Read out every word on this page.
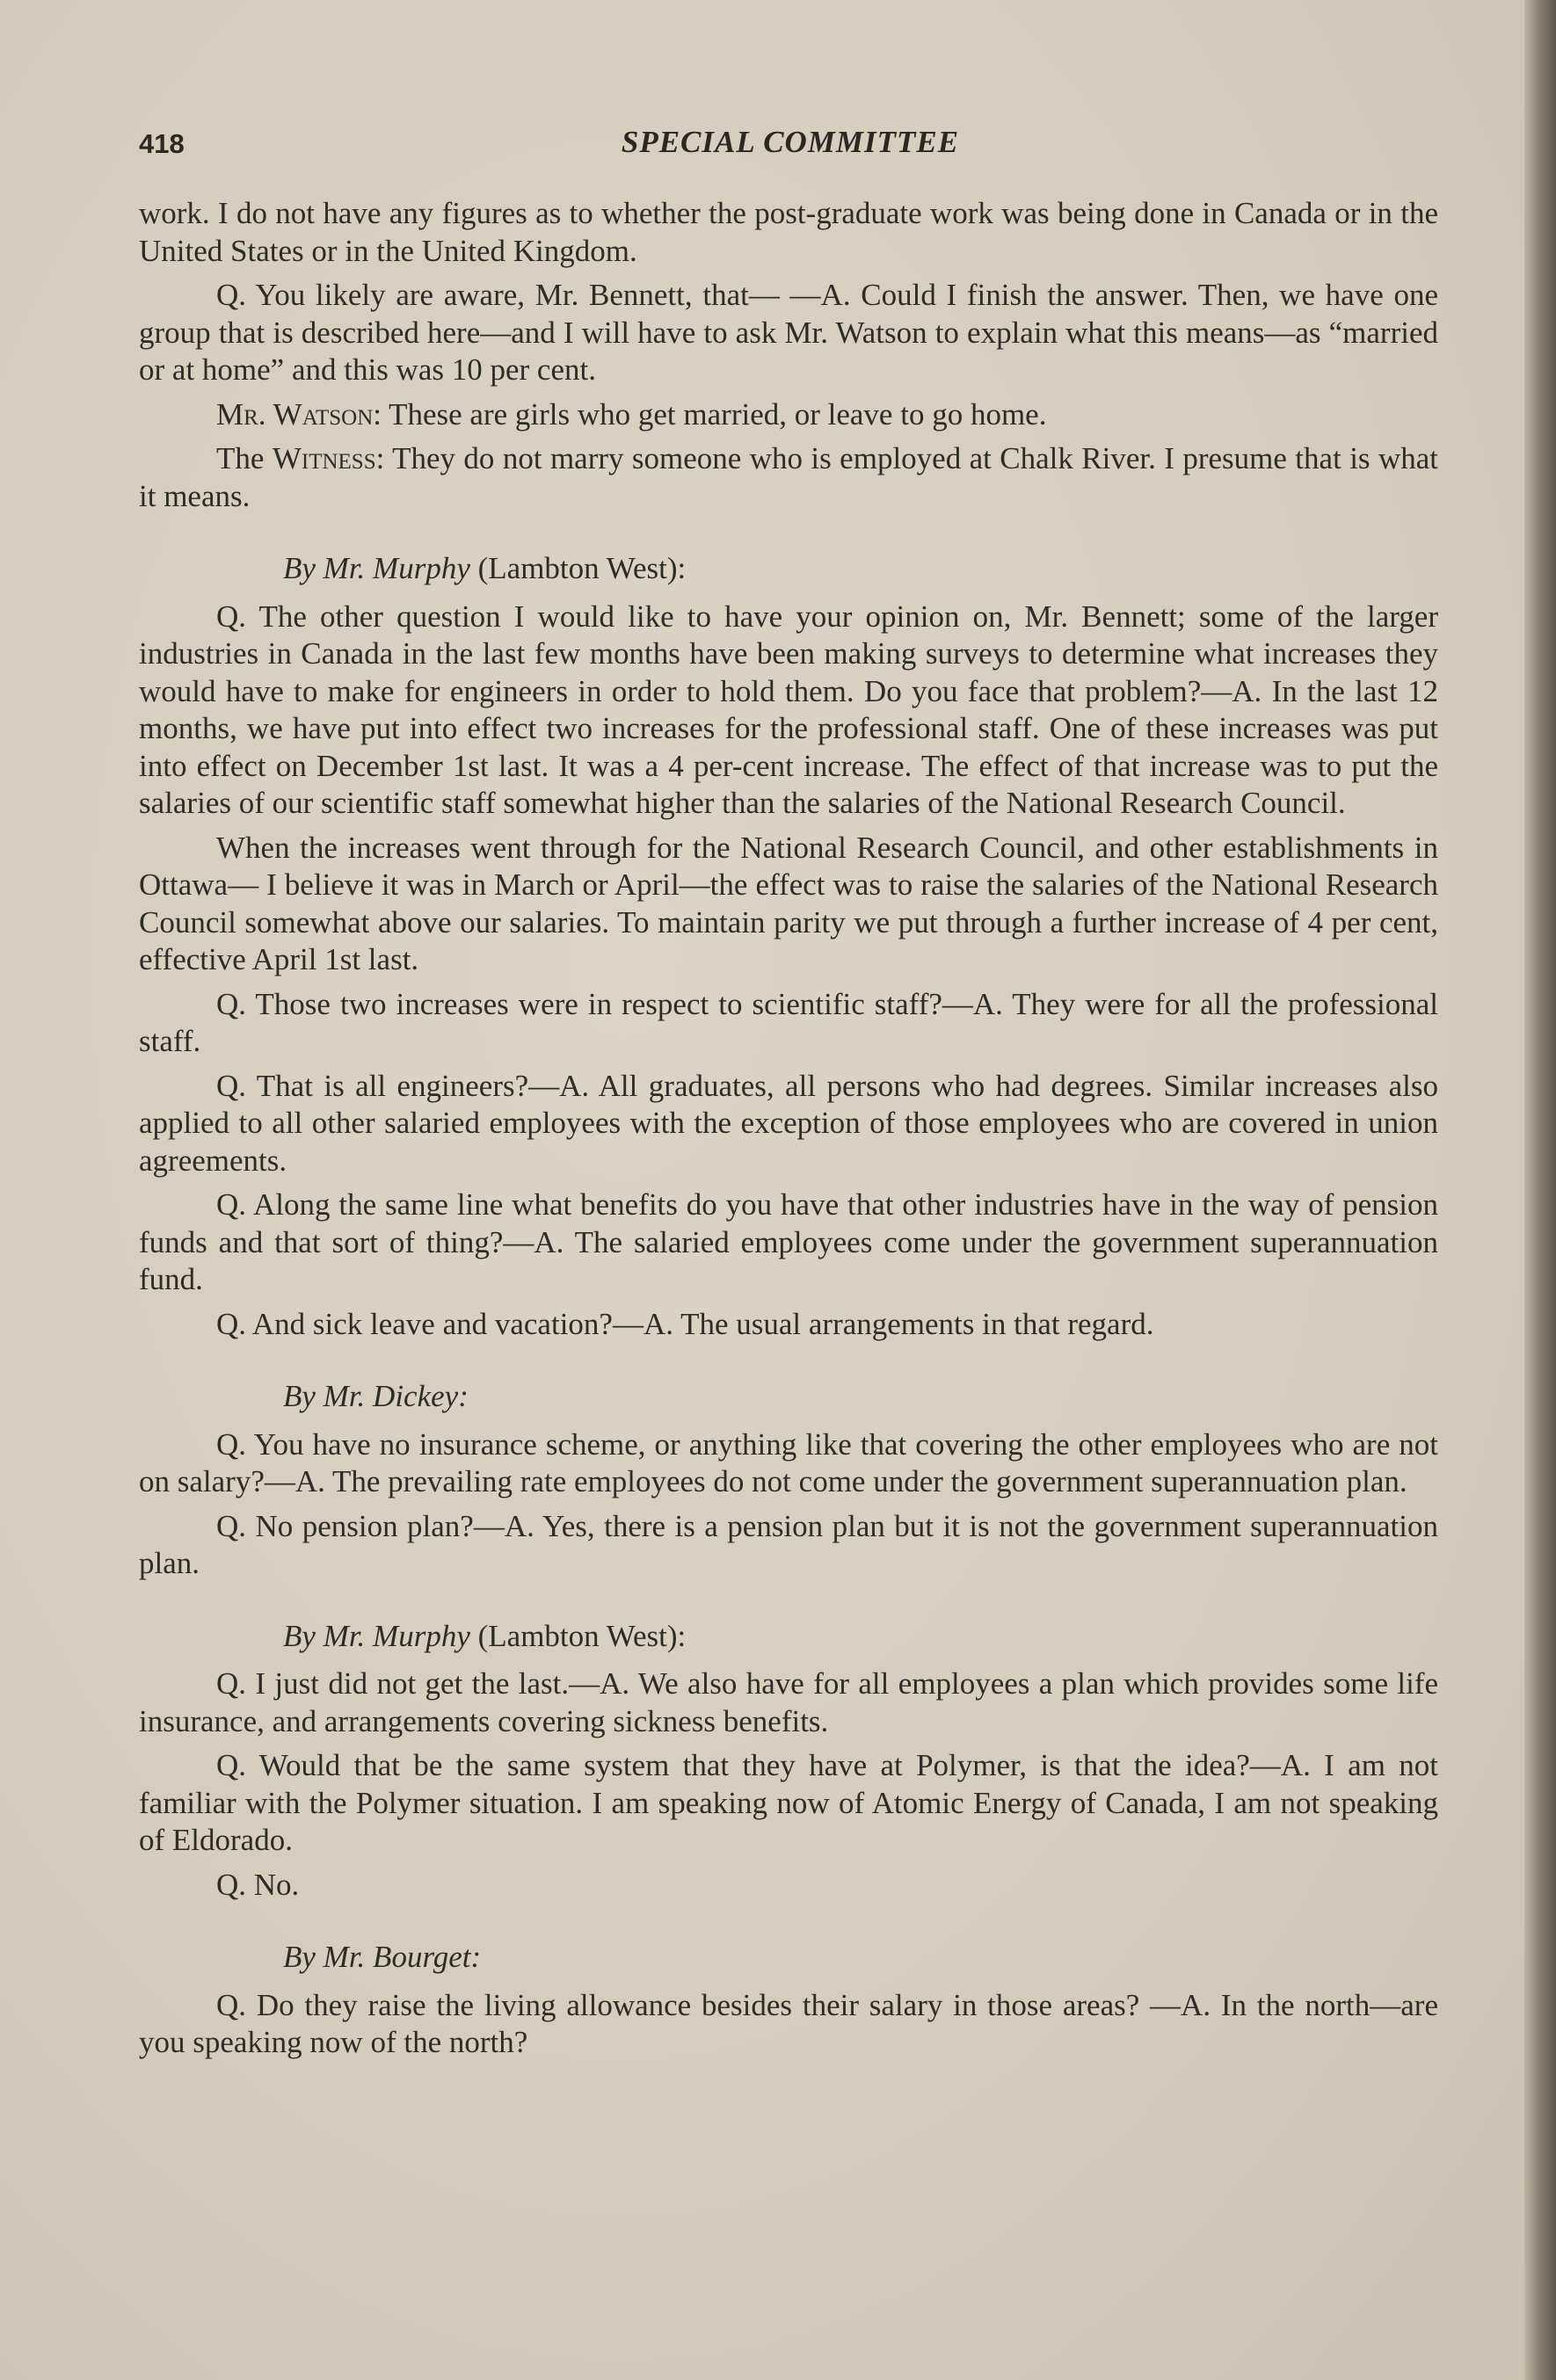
418	SPECIAL COMMITTEE

work. I do not have any figures as to whether the post-graduate work was being done in Canada or in the United States or in the United Kingdom.

Q. You likely are aware, Mr. Bennett, that— —A. Could I finish the answer. Then, we have one group that is described here—and I will have to ask Mr. Watson to explain what this means—as “married or at home” and this was 10 per cent.

Mr. Watson: These are girls who get married, or leave to go home.

The Witness: They do not marry someone who is employed at Chalk River. I presume that is what it means.

By Mr. Murphy (Lambton West):

Q. The other question I would like to have your opinion on, Mr. Bennett; some of the larger industries in Canada in the last few months have been making surveys to determine what increases they would have to make for engineers in order to hold them. Do you face that problem?—A. In the last 12 months, we have put into effect two increases for the professional staff. One of these increases was put into effect on December 1st last. It was a 4 per-cent increase. The effect of that increase was to put the salaries of our scientific staff somewhat higher than the salaries of the National Research Council.

When the increases went through for the National Research Council, and other establishments in Ottawa— I believe it was in March or April—the effect was to raise the salaries of the National Research Council somewhat above our salaries. To maintain parity we put through a further increase of 4 per cent, effective April 1st last.

Q. Those two increases were in respect to scientific staff?—A. They were for all the professional staff.

Q. That is all engineers?—A. All graduates, all persons who had degrees. Similar increases also applied to all other salaried employees with the exception of those employees who are covered in union agreements.

Q. Along the same line what benefits do you have that other industries have in the way of pension funds and that sort of thing?—A. The salaried employees come under the government superannuation fund.

Q. And sick leave and vacation?—A. The usual arrangements in that regard.

By Mr. Dickey:

Q. You have no insurance scheme, or anything like that covering the other employees who are not on salary?—A. The prevailing rate employees do not come under the government superannuation plan.

Q. No pension plan?—A. Yes, there is a pension plan but it is not the government superannuation plan.

By Mr. Murphy (Lambton West):

Q. I just did not get the last.—A. We also have for all employees a plan which provides some life insurance, and arrangements covering sickness benefits.

Q. Would that be the same system that they have at Polymer, is that the idea?—A. I am not familiar with the Polymer situation. I am speaking now of Atomic Energy of Canada, I am not speaking of Eldorado.

Q. No.

By Mr. Bourget:

Q. Do they raise the living allowance besides their salary in those areas? —A. In the north—are you speaking now of the north?
